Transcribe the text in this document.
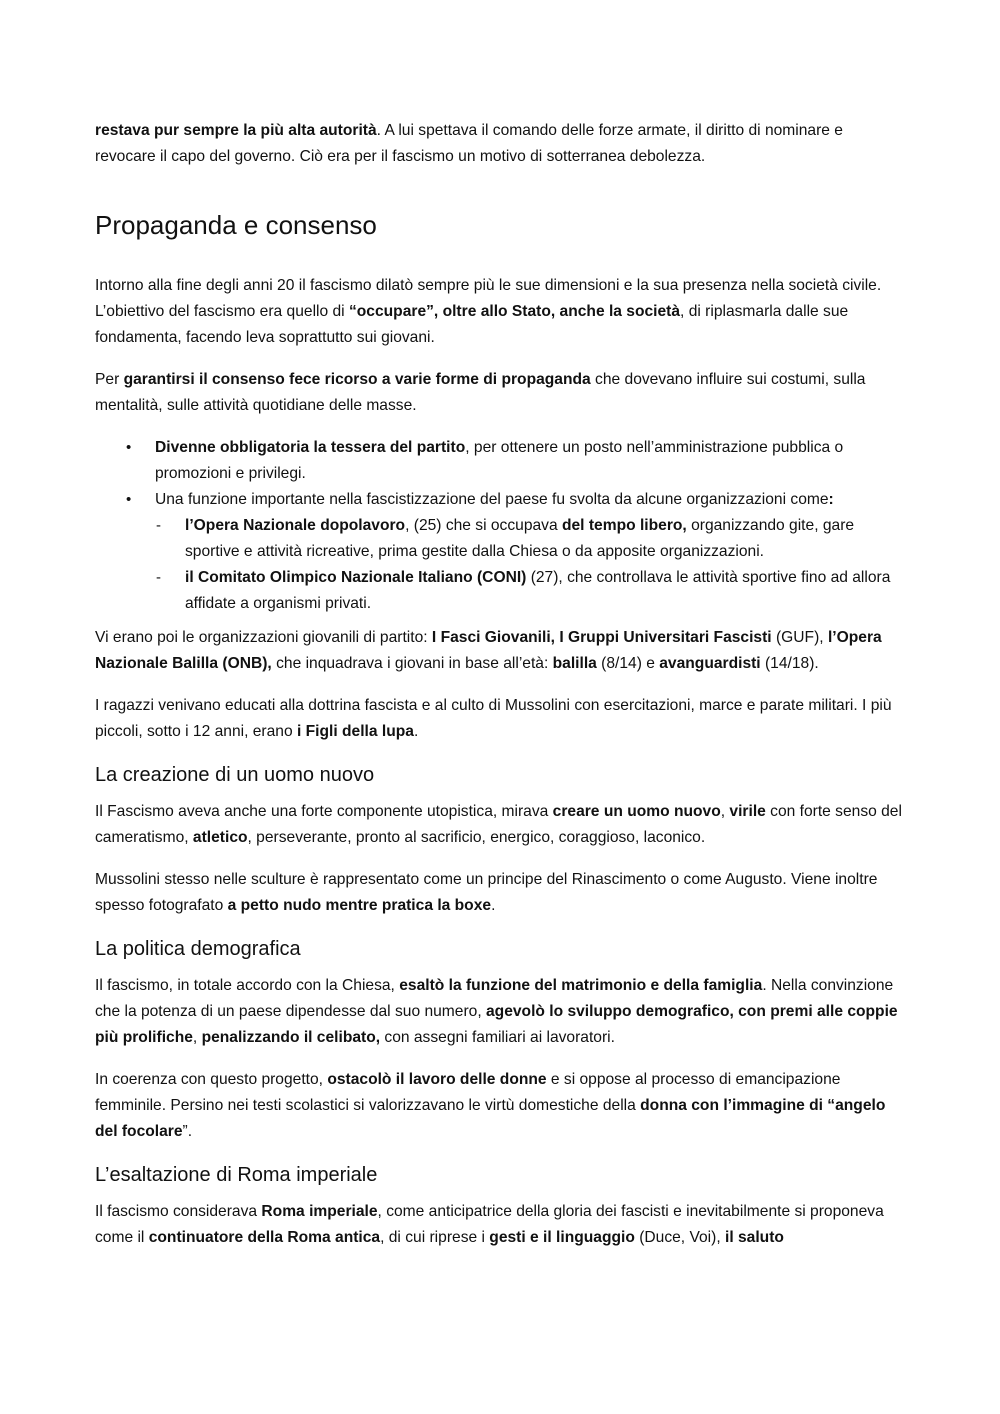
restava pur sempre la più alta autorità. A lui spettava il comando delle forze armate, il diritto di nominare e revocare il capo del governo. Ciò era per il fascismo un motivo di sotterranea debolezza.

Propaganda e consenso

Intorno alla fine degli anni 20 il fascismo dilatò sempre più le sue dimensioni e la sua presenza nella società civile. L’obiettivo del fascismo era quello di “occupare”, oltre allo Stato, anche la società, di riplasmarla dalle sue fondamenta, facendo leva soprattutto sui giovani.

Per garantirsi il consenso fece ricorso a varie forme di propaganda che dovevano influire sui costumi, sulla mentalità, sulle attività quotidiane delle masse.

• Divenne obbligatoria la tessera del partito, per ottenere un posto nell’amministrazione pubblica o promozioni e privilegi.
• Una funzione importante nella fascistizzazione del paese fu svolta da alcune organizzazioni come:
- l’Opera Nazionale dopolavoro, (25) che si occupava del tempo libero, organizzando gite, gare sportive e attività ricreative, prima gestite dalla Chiesa o da apposite organizzazioni.
- il Comitato Olimpico Nazionale Italiano (CONI) (27), che controllava le attività sportive fino ad allora affidate a organismi privati.

Vi erano poi le organizzazioni giovanili di partito: I Fasci Giovanili, I Gruppi Universitari Fascisti (GUF), l’Opera Nazionale Balilla (ONB), che inquadrava i giovani in base all’età: balilla (8/14) e avanguardisti (14/18).

I ragazzi venivano educati alla dottrina fascista e al culto di Mussolini con esercitazioni, marce e parate militari. I più piccoli, sotto i 12 anni, erano i Figli della lupa.

La creazione di un uomo nuovo

Il Fascismo aveva anche una forte componente utopistica, mirava creare un uomo nuovo, virile con forte senso del cameratismo, atletico, perseverante, pronto al sacrificio, energico, coraggioso, laconico.

Mussolini stesso nelle sculture è rappresentato come un principe del Rinascimento o come Augusto. Viene inoltre spesso fotografato a petto nudo mentre pratica la boxe.

La politica demografica

Il fascismo, in totale accordo con la Chiesa, esaltò la funzione del matrimonio e della famiglia. Nella convinzione che la potenza di un paese dipendesse dal suo numero, agevolò lo sviluppo demografico, con premi alle coppie più prolifiche, penalizzando il celibato, con assegni familiari ai lavoratori.

In coerenza con questo progetto, ostacolò il lavoro delle donne e si oppose al processo di emancipazione femminile. Persino nei testi scolastici si valorizzavano le virtù domestiche della donna con l’immagine di “angelo del focolare”.

L’esaltazione di Roma imperiale

Il fascismo considerava Roma imperiale, come anticipatrice della gloria dei fascisti e inevitabilmente si proponeva come il continuatore della Roma antica, di cui riprese i gesti e il linguaggio (Duce, Voi), il saluto
